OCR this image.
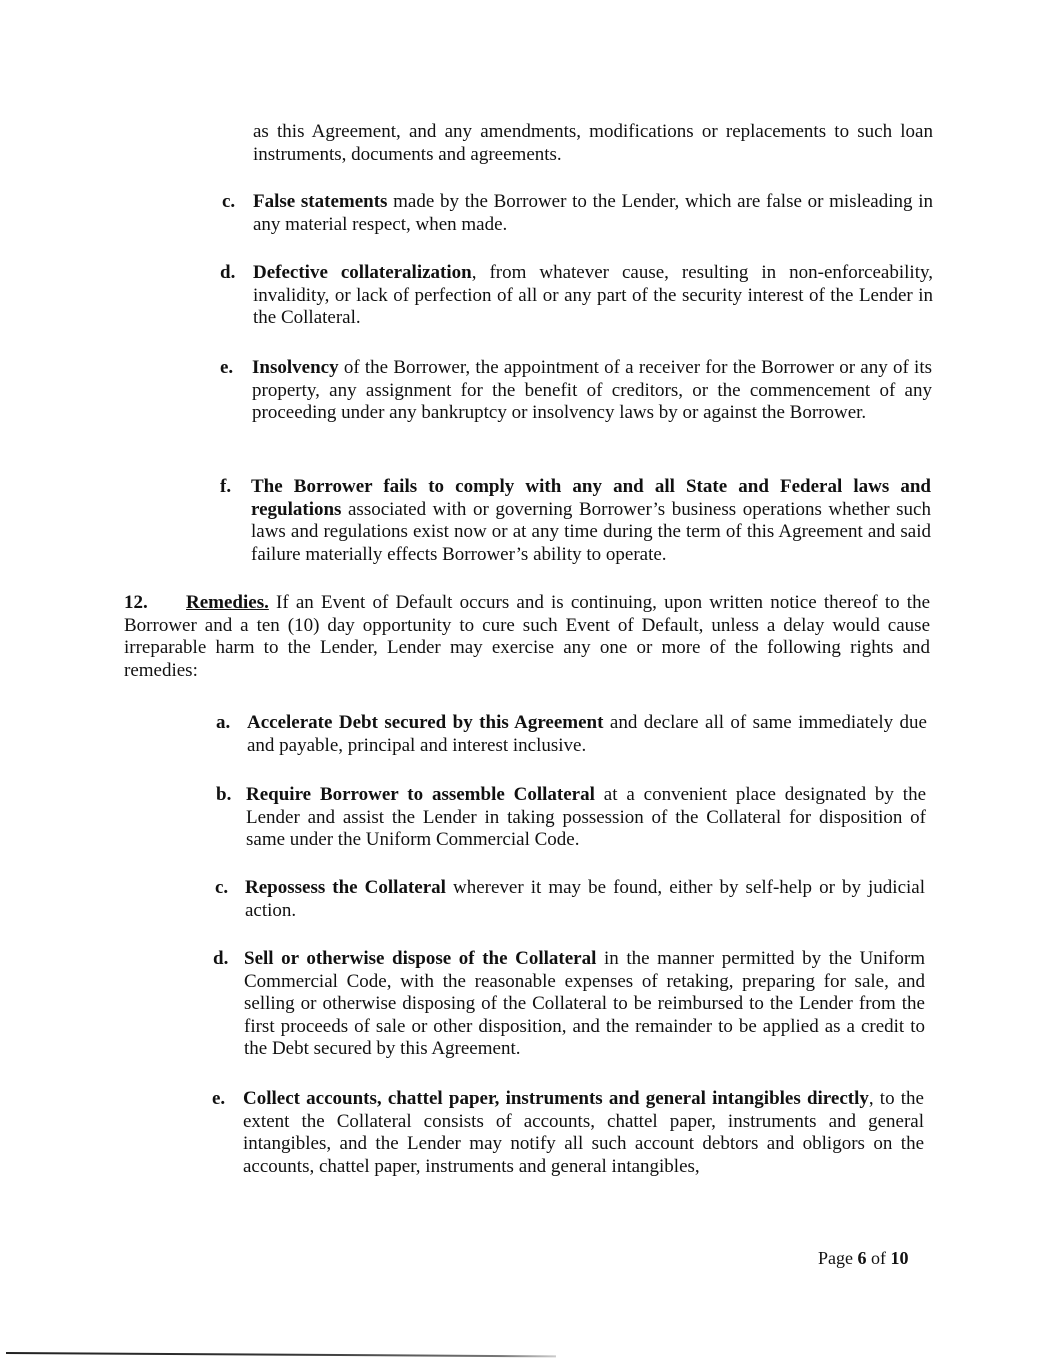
as this Agreement, and any amendments, modifications or replacements to such loan instruments, documents and agreements.
c. False statements made by the Borrower to the Lender, which are false or misleading in any material respect, when made.
d. Defective collateralization, from whatever cause, resulting in non-enforceability, invalidity, or lack of perfection of all or any part of the security interest of the Lender in the Collateral.
e. Insolvency of the Borrower, the appointment of a receiver for the Borrower or any of its property, any assignment for the benefit of creditors, or the commencement of any proceeding under any bankruptcy or insolvency laws by or against the Borrower.
f. The Borrower fails to comply with any and all State and Federal laws and regulations associated with or governing Borrower’s business operations whether such laws and regulations exist now or at any time during the term of this Agreement and said failure materially effects Borrower’s ability to operate.
12. Remedies. If an Event of Default occurs and is continuing, upon written notice thereof to the Borrower and a ten (10) day opportunity to cure such Event of Default, unless a delay would cause irreparable harm to the Lender, Lender may exercise any one or more of the following rights and remedies:
a. Accelerate Debt secured by this Agreement and declare all of same immediately due and payable, principal and interest inclusive.
b. Require Borrower to assemble Collateral at a convenient place designated by the Lender and assist the Lender in taking possession of the Collateral for disposition of same under the Uniform Commercial Code.
c. Repossess the Collateral wherever it may be found, either by self-help or by judicial action.
d. Sell or otherwise dispose of the Collateral in the manner permitted by the Uniform Commercial Code, with the reasonable expenses of retaking, preparing for sale, and selling or otherwise disposing of the Collateral to be reimbursed to the Lender from the first proceeds of sale or other disposition, and the remainder to be applied as a credit to the Debt secured by this Agreement.
e. Collect accounts, chattel paper, instruments and general intangibles directly, to the extent the Collateral consists of accounts, chattel paper, instruments and general intangibles, and the Lender may notify all such account debtors and obligors on the accounts, chattel paper, instruments and general intangibles,
Page 6 of 10
